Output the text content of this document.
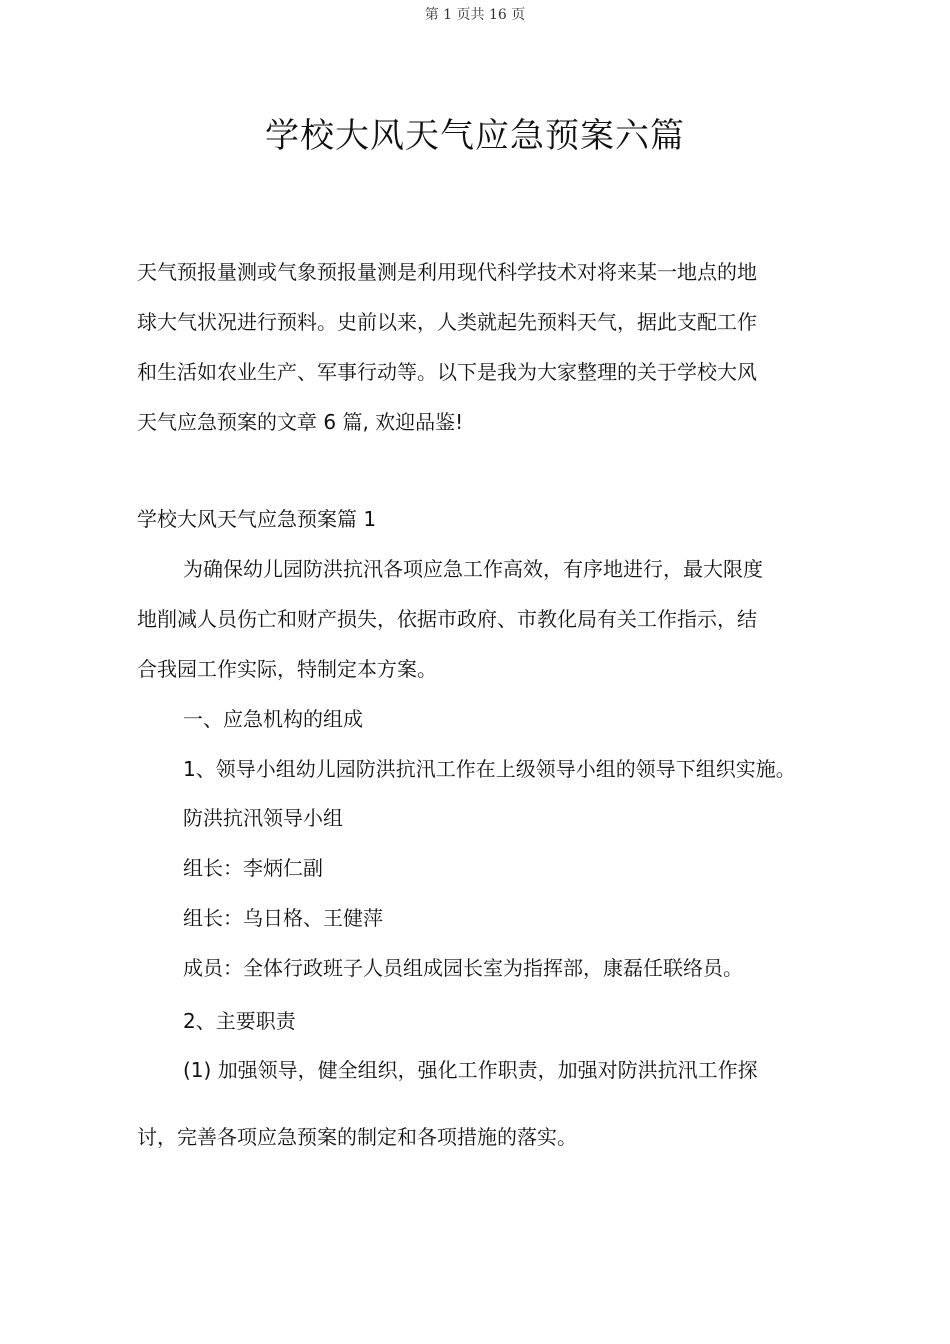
第 1 页共 16 页
学校大风天气应急预案六篇
天气预报量测或气象预报量测是利用现代科学技术对将来某一地点的地
球大气状况进行预料。史前以来，人类就起先预料天气，据此支配工作
和生活如农业生产、军事行动等。以下是我为大家整理的关于学校大风
天气应急预案的文章 6 篇, 欢迎品鉴!
学校大风天气应急预案篇 1
为确保幼儿园防洪抗汛各项应急工作高效，有序地进行，最大限度
地削减人员伤亡和财产损失，依据市政府、市教化局有关工作指示，结
合我园工作实际，特制定本方案。
一、应急机构的组成
1、领导小组幼儿园防洪抗汛工作在上级领导小组的领导下组织实施。
防洪抗汛领导小组
组长：李炳仁副
组长：乌日格、王健萍
成员：全体行政班子人员组成园长室为指挥部，康磊任联络员。
2、主要职责
(1) 加强领导，健全组织，强化工作职责，加强对防洪抗汛工作探
讨，完善各项应急预案的制定和各项措施的落实。
